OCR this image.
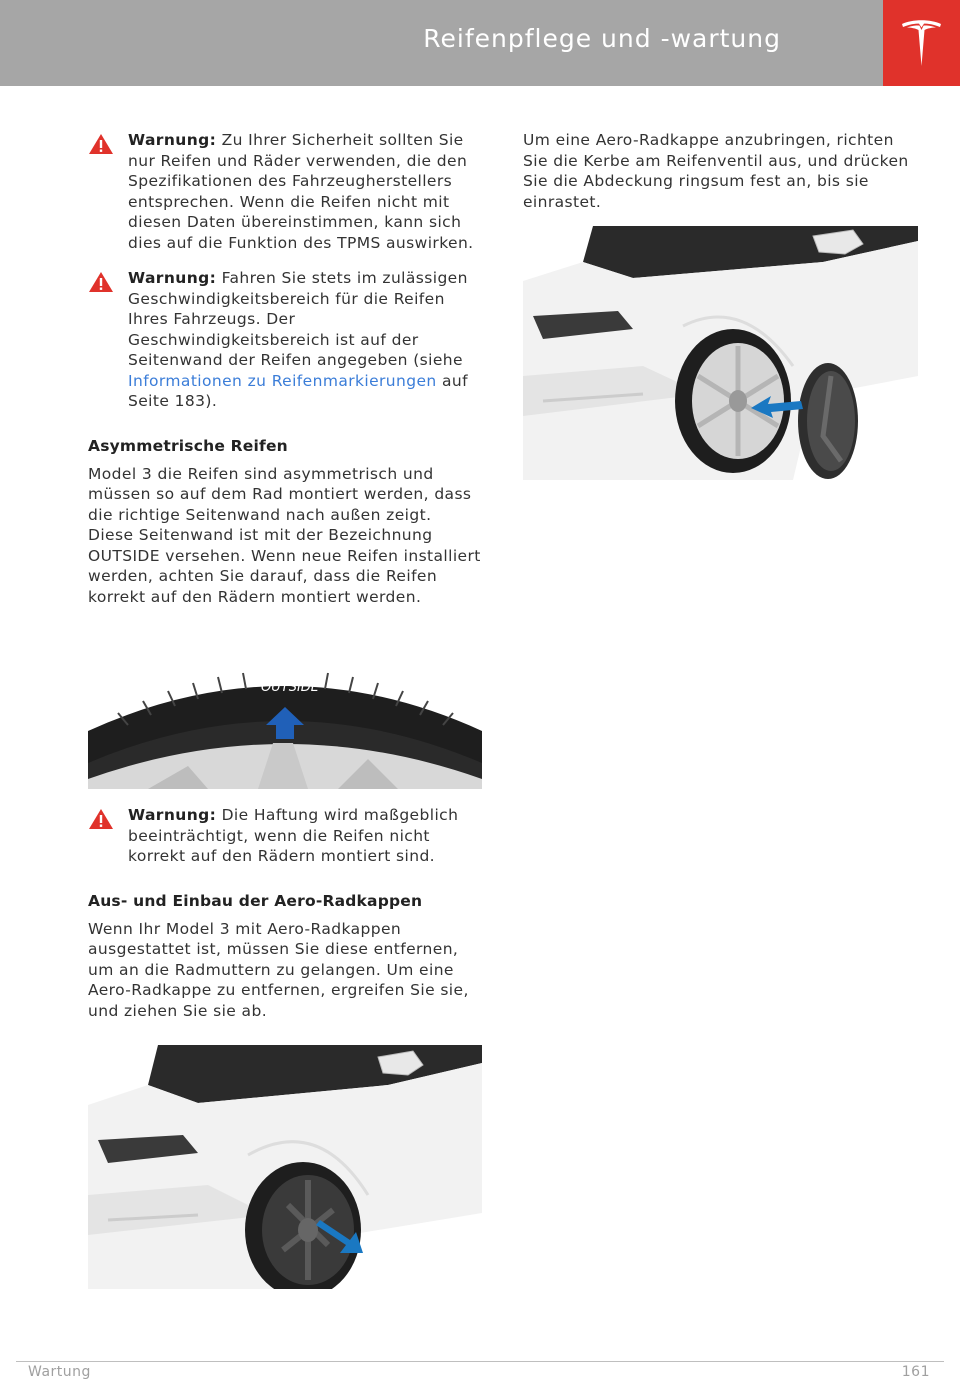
Reifenpflege und -wartung
Warnung: Zu Ihrer Sicherheit sollten Sie nur Reifen und Räder verwenden, die den Spezifikationen des Fahrzeugherstellers entsprechen. Wenn die Reifen nicht mit diesen Daten übereinstimmen, kann sich dies auf die Funktion des TPMS auswirken.
Warnung: Fahren Sie stets im zulässigen Geschwindigkeitsbereich für die Reifen Ihres Fahrzeugs. Der Geschwindigkeitsbereich ist auf der Seitenwand der Reifen angegeben (siehe Informationen zu Reifenmarkierungen auf Seite 183).
Asymmetrische Reifen
Model 3 die Reifen sind asymmetrisch und müssen so auf dem Rad montiert werden, dass die richtige Seitenwand nach außen zeigt. Diese Seitenwand ist mit der Bezeichnung OUTSIDE versehen. Wenn neue Reifen installiert werden, achten Sie darauf, dass die Reifen korrekt auf den Rädern montiert werden.
OUTSIDE
Warnung: Die Haftung wird maßgeblich beeinträchtigt, wenn die Reifen nicht korrekt auf den Rädern montiert sind.
Aus- und Einbau der Aero-Radkappen
Wenn Ihr Model 3 mit Aero-Radkappen ausgestattet ist, müssen Sie diese entfernen, um an die Radmuttern zu gelangen. Um eine Aero-Radkappe zu entfernen, ergreifen Sie sie, und ziehen Sie sie ab.
Um eine Aero-Radkappe anzubringen, richten Sie die Kerbe am Reifenventil aus, und drücken Sie die Abdeckung ringsum fest an, bis sie einrastet.
Wartung	161
